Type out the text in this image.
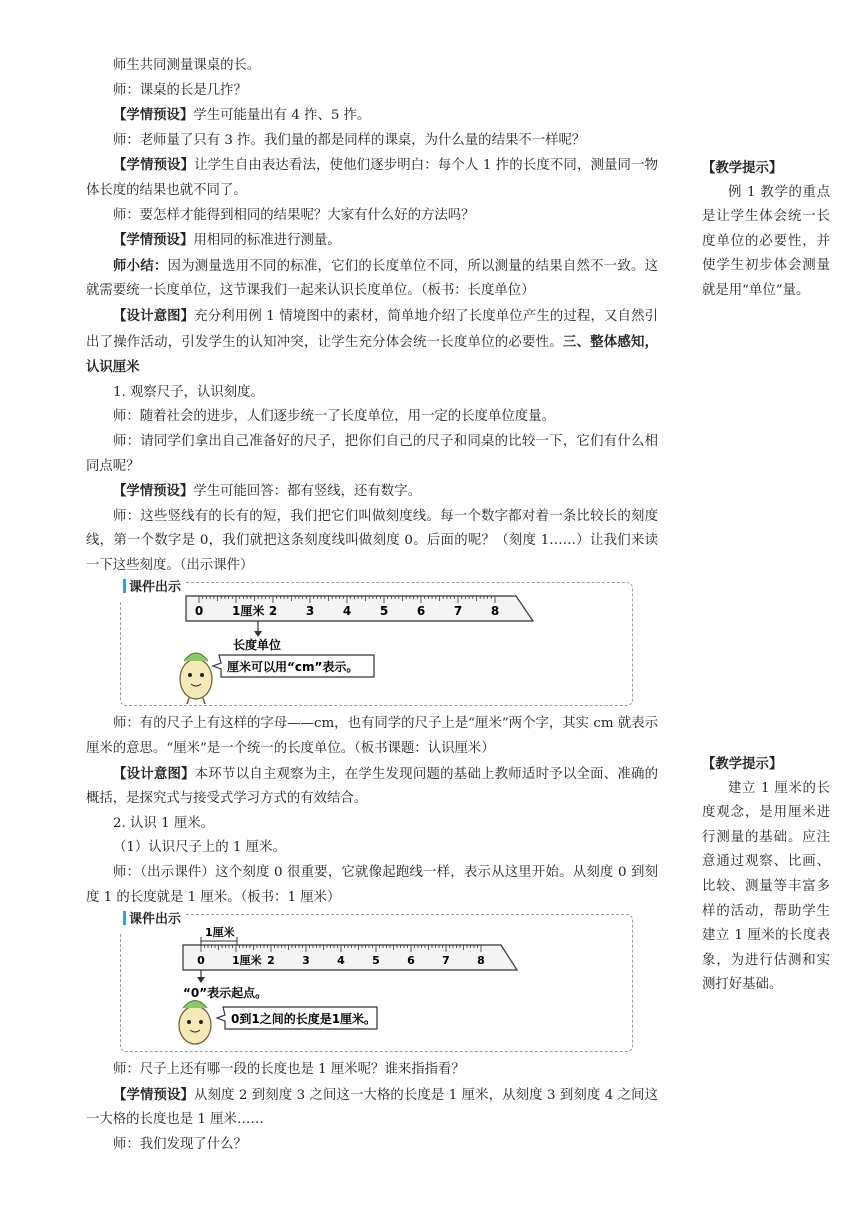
师生共同测量课桌的长。

师：课桌的长是几拃？

【学情预设】学生可能量出有 4 拃、5 拃。

师：老师量了只有 3 拃。我们量的都是同样的课桌，为什么量的结果不一样呢？

【学情预设】让学生自由表达看法，使他们逐步明白：每个人 1 拃的长度不同，测量同一物体长度的结果也就不同了。

师：要怎样才能得到相同的结果呢？大家有什么好的方法吗？

【学情预设】用相同的标准进行测量。

师小结：因为测量选用不同的标准，它们的长度单位不同，所以测量的结果自然不一致。这就需要统一长度单位，这节课我们一起来认识长度单位。（板书：长度单位）

【设计意图】充分利用例 1 情境图中的素材，简单地介绍了长度单位产生的过程，又自然引出了操作活动，引发学生的认知冲突，让学生充分体会统一长度单位的必要性。三、整体感知，认识厘米

1. 观察尺子，认识刻度。

师：随着社会的进步，人们逐步统一了长度单位，用一定的长度单位度量。

师：请同学们拿出自己准备好的尺子，把你们自己的尺子和同桌的比较一下，它们有什么相同点呢？

【学情预设】学生可能回答：都有竖线，还有数字。

师：这些竖线有的长有的短，我们把它们叫做刻度线。每一个数字都对着一条比较长的刻度线，第一个数字是 0，我们就把这条刻度线叫做刻度 0。后面的呢？（刻度 1……）让我们来读一下这些刻度。（出示课件）

课件出示
0 1厘米 2 3 4 5 6 7 8
长度单位
厘米可以用“cm”表示。

师：有的尺子上有这样的字母——cm，也有同学的尺子上是“厘米”两个字，其实 cm 就表示厘米的意思。“厘米”是一个统一的长度单位。（板书课题：认识厘米）

【设计意图】本环节以自主观察为主，在学生发现问题的基础上教师适时予以全面、准确的概括，是探究式与接受式学习方式的有效结合。

2. 认识 1 厘米。

（1）认识尺子上的 1 厘米。

师：（出示课件）这个刻度 0 很重要，它就像起跑线一样，表示从这里开始。从刻度 0 到刻度 1 的长度就是 1 厘米。（板书：1 厘米）

课件出示
1厘米
0 1厘米 2 3 4 5 6 7 8
“0”表示起点。
0到1之间的长度是1厘米。

师：尺子上还有哪一段的长度也是 1 厘米呢？谁来指指看？

【学情预设】从刻度 2 到刻度 3 之间这一大格的长度是 1 厘米，从刻度 3 到刻度 4 之间这一大格的长度也是 1 厘米……

师：我们发现了什么？

【教学提示】

例 1 教学的重点是让学生体会统一长度单位的必要性，并使学生初步体会测量就是用“单位”量。

【教学提示】

建立 1 厘米的长度观念，是用厘米进行测量的基础。应注意通过观察、比画、比较、测量等丰富多样的活动，帮助学生建立 1 厘米的长度表象，为进行估测和实测打好基础。
